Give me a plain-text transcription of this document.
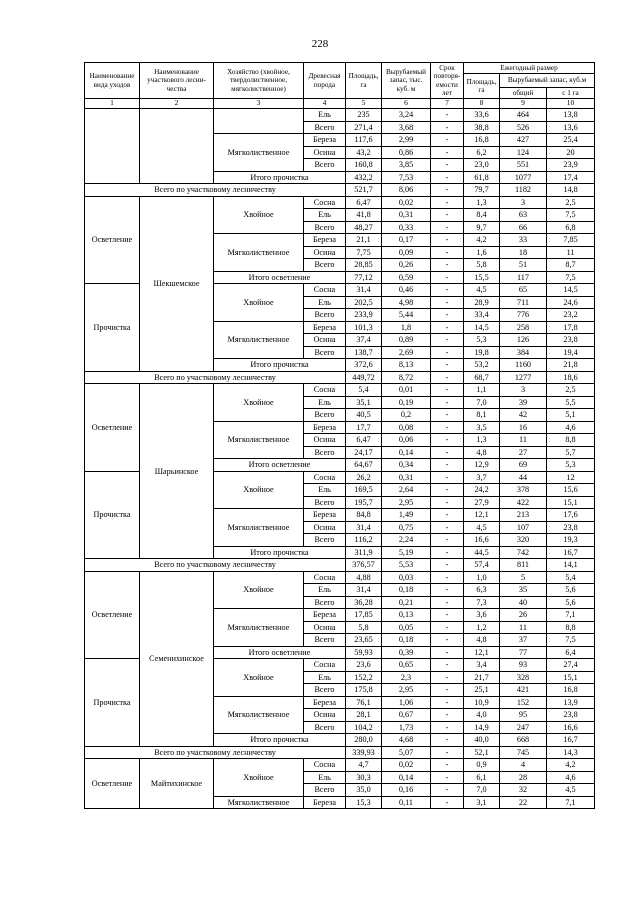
228
Наименование вида уходов	Наименование участкового лесни-чества	Хозяйство (хвойное, твердолиственное, мягколиственное)	Древесная порода	Площадь, га	Вырубаемый запас, тыс. куб. м	Срок повторя-емости лет	Ежегодный размер		
							Площадь, га	Вырубаемый запас, куб.м	
								общий	с 1 га
1	2	3	4	5	6	7	8	9	10
			Ель	235	3,24	-	33,6	464	13,8
			Всего	271,4	3,68	-	38,8	526	13,6
		Мягколиственное	Береза	117,6	2,99	-	16,8	427	25,4
			Осина	43,2	0,86	-	6,2	124	20
			Всего	160,8	3,85	-	23,0	551	23,9
		Итого прочистка		432,2	7,53	-	61,8	1077	17,4
Всего по участковому лесничеству				521,7	8,06	-	79,7	1182	14,8
Осветление	Шекшемское	Хвойное	Сосна	6,47	0,02	-	1,3	3	2,5
			Ель	41,8	0,31	-	8,4	63	7,5
			Всего	48,27	0,33	-	9,7	66	6,8
		Мягколиственное	Береза	21,1	0,17	-	4,2	33	7,85
			Осина	7,75	0,09	-	1,6	18	11
			Всего	28,85	0,26	-	5,8	51	8,7
		Итого осветление		77,12	0,59	-	15,5	117	7,5
Прочистка		Хвойное	Сосна	31,4	0,46	-	4,5	65	14,5
			Ель	202,5	4,98	-	28,9	711	24,6
			Всего	233,9	5,44	-	33,4	776	23,2
		Мягколиственное	Береза	101,3	1,8	-	14,5	258	17,8
			Осина	37,4	0,89	-	5,3	126	23,8
			Всего	138,7	2,69	-	19,8	384	19,4
		Итого прочистка		372,6	8,13	-	53,2	1160	21,8
Всего по участковому лесничеству				449,72	8,72	-	68,7	1277	18,6
Осветление	Шарьинское	Хвойное	Сосна	5,4	0,01	-	1,1	3	2,5
			Ель	35,1	0,19	-	7,0	39	5,5
			Всего	40,5	0,2	-	8,1	42	5,1
		Мягколиственное	Береза	17,7	0,08	-	3,5	16	4,6
			Осина	6,47	0,06	-	1,3	11	8,8
			Всего	24,17	0,14	-	4,8	27	5,7
		Итого осветление		64,67	0,34	-	12,9	69	5,3
Прочистка		Хвойное	Сосна	26,2	0,31	-	3,7	44	12
			Ель	169,5	2,64	-	24,2	378	15,6
			Всего	195,7	2,95	-	27,9	422	15,1
		Мягколиственное	Береза	84,8	1,49	-	12,1	213	17,6
			Осина	31,4	0,75	-	4,5	107	23,8
			Всего	116,2	2,24	-	16,6	320	19,3
		Итого прочистка		311,9	5,19	-	44,5	742	16,7
Всего по участковому лесничеству				376,57	5,53	-	57,4	811	14,1
Осветление	Семенихинское	Хвойное	Сосна	4,88	0,03	-	1,0	5	5,4
			Ель	31,4	0,18	-	6,3	35	5,6
			Всего	36,28	0,21	-	7,3	40	5,6
		Мягколиственное	Береза	17,85	0,13	-	3,6	26	7,1
			Осина	5,8	0,05	-	1,2	11	8,8
			Всего	23,65	0,18	-	4,8	37	7,5
		Итого осветление		59,93	0,39	-	12,1	77	6,4
Прочистка		Хвойное	Сосна	23,6	0,65	-	3,4	93	27,4
			Ель	152,2	2,3	-	21,7	328	15,1
			Всего	175,8	2,95	-	25,1	421	16,8
		Мягколиственное	Береза	76,1	1,06	-	10,9	152	13,9
			Осина	28,1	0,67	-	4,0	95	23,8
			Всего	104,2	1,73	-	14,9	247	16,6
		Итого прочистка		280,0	4,68	-	40,0	668	16,7
Всего по участковому лесничеству				339,93	5,07	-	52,1	745	14,3
Осветление	Майтихинское	Хвойное	Сосна	4,7	0,02	-	0,9	4	4,2
			Ель	30,3	0,14	-	6,1	28	4,6
			Всего	35,0	0,16	-	7,0	32	4,5
		Мягколиственное	Береза	15,3	0,11	-	3,1	22	7,1
